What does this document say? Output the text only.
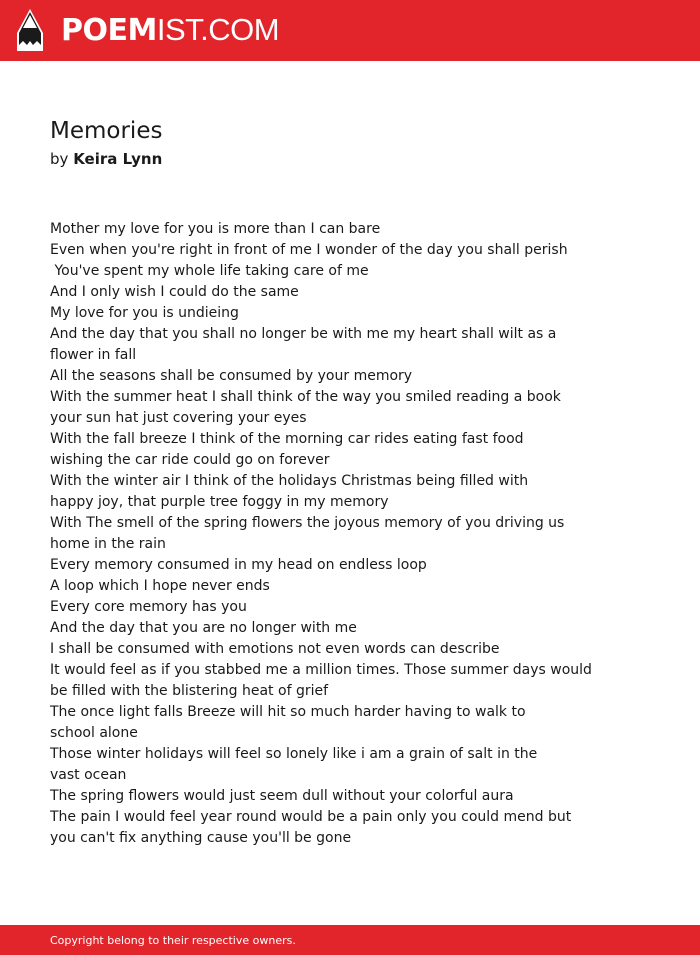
POEMIST.COM
Memories
by Keira Lynn
Mother my love for you is more than I can bare
Even when you're right in front of me I wonder of the day you shall perish
You've spent my whole life taking care of me
And I only wish I could do the same
My love for you is undieing
And the day that you shall no longer be with me my heart shall wilt as a
flower in fall
All the seasons shall be consumed by your memory
With the summer heat I shall think of the way you smiled reading a book
your sun hat just covering your eyes
With the fall breeze I think of the morning car rides eating fast food
wishing the car ride could go on forever
With the winter air I think of the holidays Christmas being filled with
happy joy, that purple tree foggy in my memory
With The smell of the spring flowers the joyous memory of you driving us
home in the rain
Every memory consumed in my head on endless loop
A loop which I hope never ends
Every core memory has you
And the day that you are no longer with me
I shall be consumed with emotions not even words can describe
It would feel as if you stabbed me a million times. Those summer days would
be filled with the blistering heat of grief
The once light falls Breeze will hit so much harder having to walk to
school alone
Those winter holidays will feel so lonely like i am a grain of salt in the
vast ocean
The spring flowers would just seem dull without your colorful aura
The pain I would feel year round would be a pain only you could mend but
you can't fix anything cause you'll be gone
Copyright belong to their respective owners.
